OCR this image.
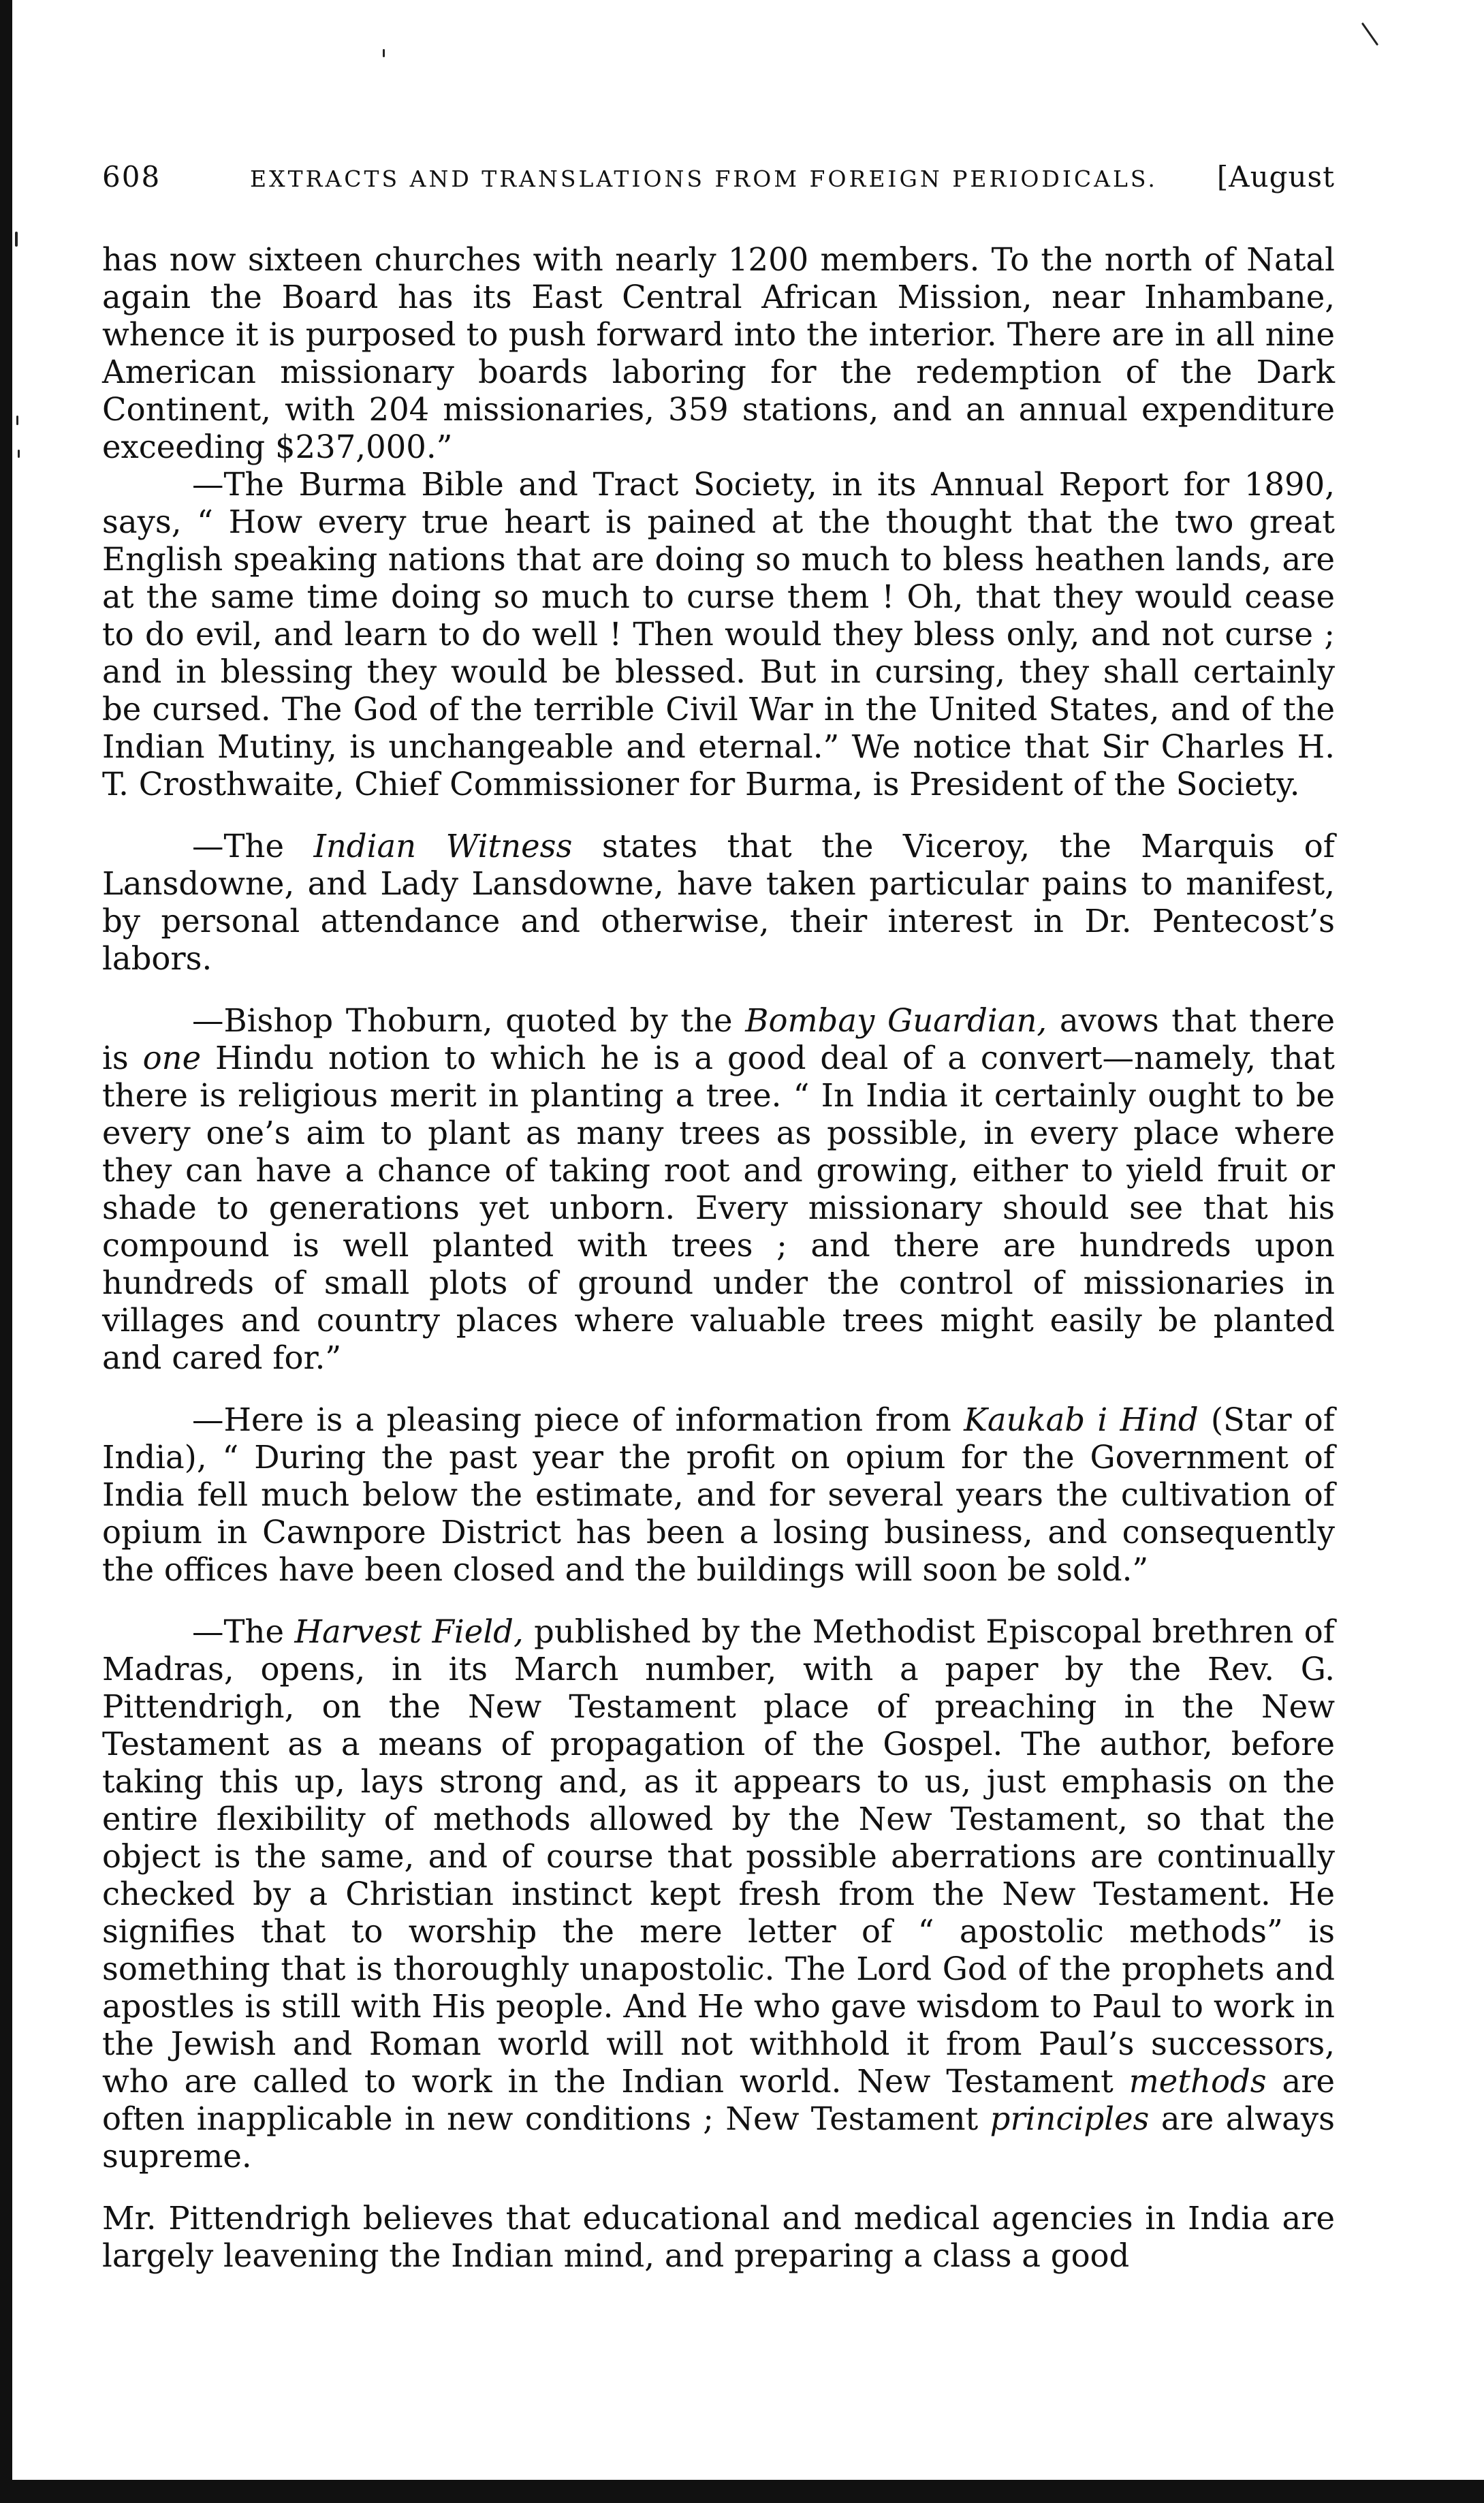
608	EXTRACTS AND TRANSLATIONS FROM FOREIGN PERIODICALS.	[August

has now sixteen churches with nearly 1200 members. To the north of Natal again the Board has its East Central African Mission, near Inhambane, whence it is purposed to push forward into the interior. There are in all nine American missionary boards laboring for the redemption of the Dark Continent, with 204 missionaries, 359 stations, and an annual expenditure exceeding $237,000.”

—The Burma Bible and Tract Society, in its Annual Report for 1890, says, “ How every true heart is pained at the thought that the two great English speaking nations that are doing so much to bless heathen lands, are at the same time doing so much to curse them ! Oh, that they would cease to do evil, and learn to do well ! Then would they bless only, and not curse ; and in blessing they would be blessed. But in cursing, they shall certainly be cursed. The God of the terrible Civil War in the United States, and of the Indian Mutiny, is unchangeable and eternal.” We notice that Sir Charles H. T. Crosthwaite, Chief Commissioner for Burma, is President of the Society.

—The Indian Witness states that the Viceroy, the Marquis of Lansdowne, and Lady Lansdowne, have taken particular pains to manifest, by personal attendance and otherwise, their interest in Dr. Pentecost’s labors.

—Bishop Thoburn, quoted by the Bombay Guardian, avows that there is one Hindu notion to which he is a good deal of a convert—namely, that there is religious merit in planting a tree. “ In India it certainly ought to be every one’s aim to plant as many trees as possible, in every place where they can have a chance of taking root and growing, either to yield fruit or shade to generations yet unborn. Every missionary should see that his compound is well planted with trees ; and there are hundreds upon hundreds of small plots of ground under the control of missionaries in villages and country places where valuable trees might easily be planted and cared for.”

—Here is a pleasing piece of information from Kaukab i Hind (Star of India), “ During the past year the profit on opium for the Government of India fell much below the estimate, and for several years the cultivation of opium in Cawnpore District has been a losing business, and consequently the offices have been closed and the buildings will soon be sold.”

—The Harvest Field, published by the Methodist Episcopal brethren of Madras, opens, in its March number, with a paper by the Rev. G. Pittendrigh, on the New Testament place of preaching in the New Testament as a means of propagation of the Gospel. The author, before taking this up, lays strong and, as it appears to us, just emphasis on the entire flexibility of methods allowed by the New Testament, so that the object is the same, and of course that possible aberrations are continually checked by a Christian instinct kept fresh from the New Testament. He signifies that to worship the mere letter of “ apostolic methods” is something that is thoroughly unapostolic. The Lord God of the prophets and apostles is still with His people. And He who gave wisdom to Paul to work in the Jewish and Roman world will not withhold it from Paul’s successors, who are called to work in the Indian world. New Testament methods are often inapplicable in new conditions ; New Testament principles are always supreme.

Mr. Pittendrigh believes that educational and medical agencies in India are largely leavening the Indian mind, and preparing a class a good
